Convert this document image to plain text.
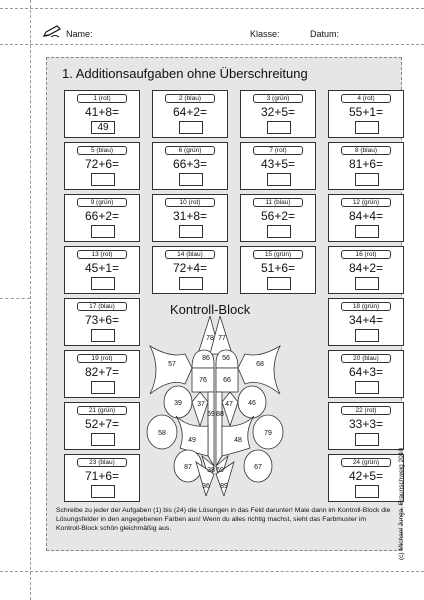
Name:	Klasse:	Datum:
1. Additionsaufgaben ohne Überschreitung
1 (rot)
41+8=
49
2 (blau)
64+2=
3 (grün)
32+5=
4 (rot)
55+1=
5 (blau)
72+6=
6 (grün)
66+3=
7 (rot)
43+5=
8 (blau)
81+6=
9 (grün)
66+2=
10 (rot)
31+8=
11 (blau)
56+2=
12 (grün)
84+4=
13 (rot)
45+1=
14 (blau)
72+4=
15 (grün)
51+6=
16 (rot)
84+2=
17 (blau)
73+6=
18 (grün)
34+4=
19 (rot)
82+7=
20 (blau)
64+3=
21 (grün)
52+7=
22 (rot)
33+3=
23 (blau)
71+6=
24 (grün)
42+5=
Kontroll-Block
78 77
57
86 56
68
76 66
39 37
59 88
47 46
58
49	48
79
87 38 69	67
36 89
Schreibe zu jeder der Aufgaben (1) bis (24) die Lösungen in das Feld darunter! Male dann im Kontroll-Block die Lösungsfelder in den angegebenen Farben aus! Wenn du alles richtig machst, sieht das Farbmuster im Kontroll-Block schön gleichmäßig aus.	(c) Michael Junga, Braunschweig 2010
